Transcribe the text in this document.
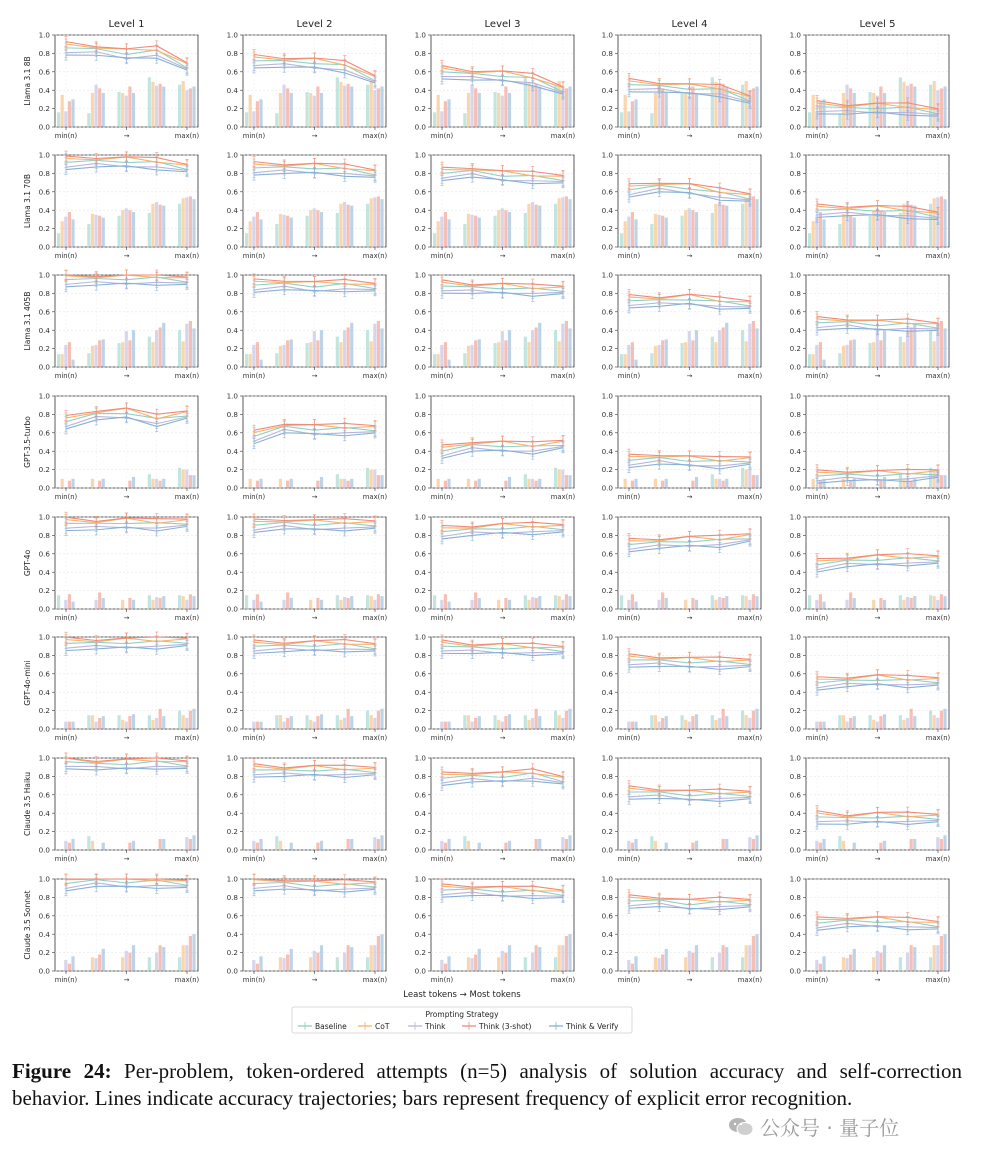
Level 1	Level 2	Level 3	Level 4	Level 5
Llama 3.1 8B
0.0
0.2
0.4
0.6
0.8
1.0
min(n)	→	max(n)
0.0
0.2
0.4
0.6
0.8
1.0
min(n)	→	max(n)
0.0
0.2
0.4
0.6
0.8
1.0
min(n)	→	max(n)
0.0
0.2
0.4
0.6
0.8
1.0
min(n)	→	max(n)
0.0
0.2
0.4
0.6
0.8
1.0
min(n)	→	max(n)
Llama 3.1 70B
0.0
0.2
0.4
0.6
0.8
1.0
min(n)	→	max(n)
0.0
0.2
0.4
0.6
0.8
1.0
min(n)	→	max(n)
0.0
0.2
0.4
0.6
0.8
1.0
min(n)	→	max(n)
0.0
0.2
0.4
0.6
0.8
1.0
min(n)	→	max(n)
0.0
0.2
0.4
0.6
0.8
1.0
min(n)	→	max(n)
Llama 3.1 405B
0.0
0.2
0.4
0.6
0.8
1.0
min(n)	→	max(n)
0.0
0.2
0.4
0.6
0.8
1.0
min(n)	→	max(n)
0.0
0.2
0.4
0.6
0.8
1.0
min(n)	→	max(n)
0.0
0.2
0.4
0.6
0.8
1.0
min(n)	→	max(n)
0.0
0.2
0.4
0.6
0.8
1.0
min(n)	→	max(n)
GPT-3.5-turbo
0.0
0.2
0.4
0.6
0.8
1.0
min(n)	→	max(n)
0.0
0.2
0.4
0.6
0.8
1.0
min(n)	→	max(n)
0.0
0.2
0.4
0.6
0.8
1.0
min(n)	→	max(n)
0.0
0.2
0.4
0.6
0.8
1.0
min(n)	→	max(n)
0.0
0.2
0.4
0.6
0.8
1.0
min(n)	→	max(n)
GPT-4o
0.0
0.2
0.4
0.6
0.8
1.0
min(n)	→	max(n)
0.0
0.2
0.4
0.6
0.8
1.0
min(n)	→	max(n)
0.0
0.2
0.4
0.6
0.8
1.0
min(n)	→	max(n)
0.0
0.2
0.4
0.6
0.8
1.0
min(n)	→	max(n)
0.0
0.2
0.4
0.6
0.8
1.0
min(n)	→	max(n)
GPT-4o-mini
0.0
0.2
0.4
0.6
0.8
1.0
min(n)	→	max(n)
0.0
0.2
0.4
0.6
0.8
1.0
min(n)	→	max(n)
0.0
0.2
0.4
0.6
0.8
1.0
min(n)	→	max(n)
0.0
0.2
0.4
0.6
0.8
1.0
min(n)	→	max(n)
0.0
0.2
0.4
0.6
0.8
1.0
min(n)	→	max(n)
Claude 3.5 Haiku
0.0
0.2
0.4
0.6
0.8
1.0
min(n)	→	max(n)
0.0
0.2
0.4
0.6
0.8
1.0
min(n)	→	max(n)
0.0
0.2
0.4
0.6
0.8
1.0
min(n)	→	max(n)
0.0
0.2
0.4
0.6
0.8
1.0
min(n)	→	max(n)
0.0
0.2
0.4
0.6
0.8
1.0
min(n)	→	max(n)
Claude 3.5 Sonnet
0.0
0.2
0.4
0.6
0.8
1.0
min(n)	→	max(n)
0.0
0.2
0.4
0.6
0.8
1.0
min(n)	→	max(n)
0.0
0.2
0.4
0.6
0.8
1.0
min(n)	→	max(n)
0.0
0.2
0.4
0.6
0.8
1.0
min(n)	→	max(n)
0.0
0.2
0.4
0.6
0.8
1.0
min(n)	→	max(n)
Least tokens → Most tokens
Prompting Strategy
Baseline	CoT	Think	Think (3-shot)	Think & Verify
Figure 24: Per-problem, token-ordered attempts (n=5) analysis of solution accuracy and self-correction behavior. Lines indicate accuracy trajectories; bars represent frequency of explicit error recognition.
公众号 · 量子位
